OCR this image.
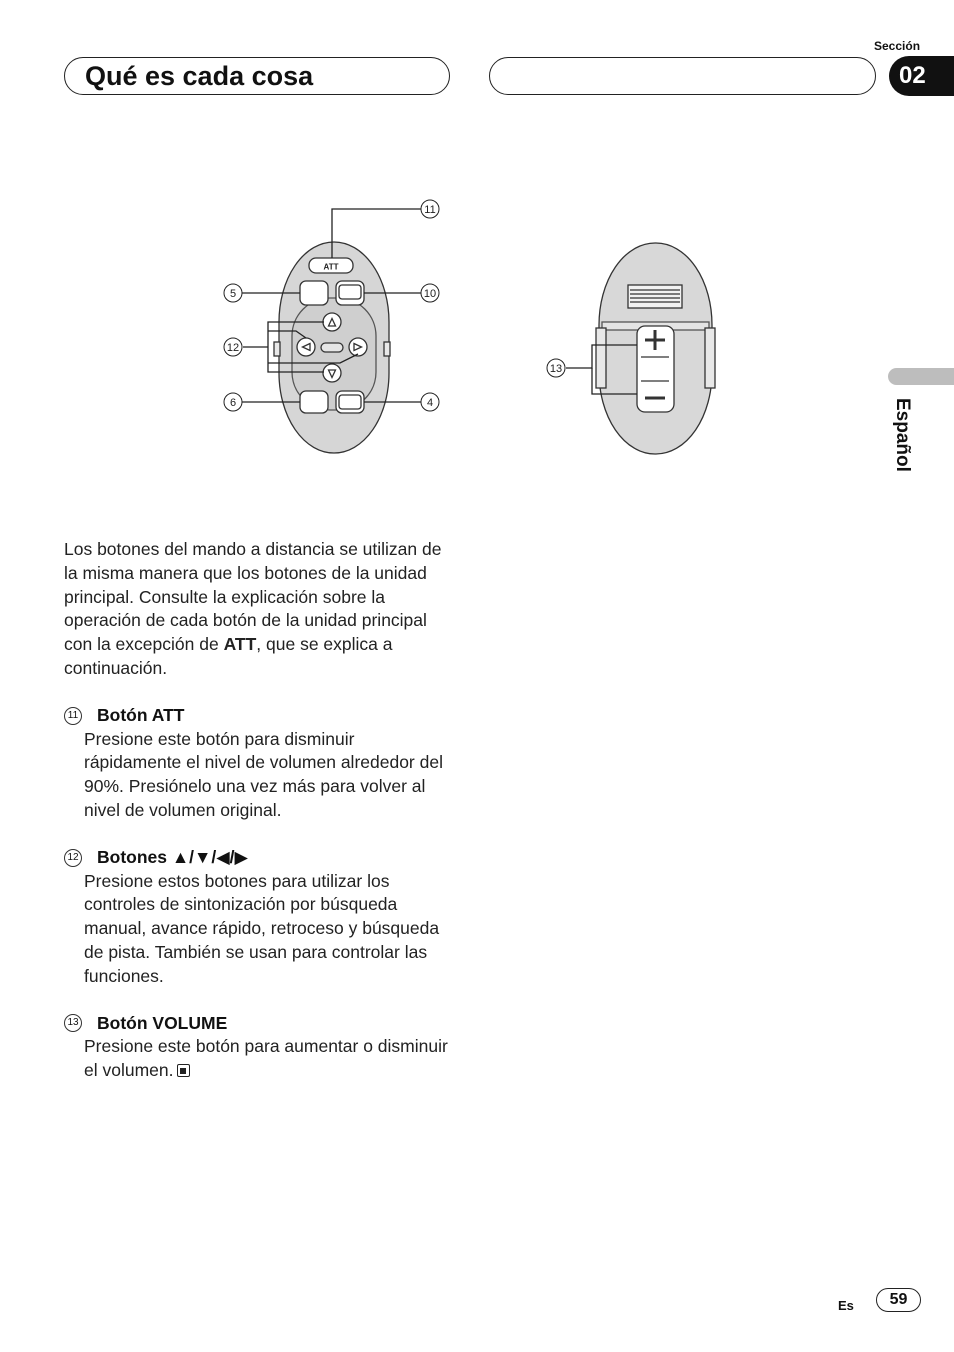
Qué es cada cosa
Sección
02
Español
ATT
11
5	10
12
6	4
13

Los botones del mando a distancia se utilizan de la misma manera que los botones de la unidad principal. Consulte la explicación sobre la operación de cada botón de la unidad principal con la excepción de ATT, que se explica a continuación.

11 Botón ATT
Presione este botón para disminuir rápidamente el nivel de volumen alrededor del 90%. Presiónelo una vez más para volver al nivel de volumen original.
12 Botones ▲/▼/◀/▶
Presione estos botones para utilizar los controles de sintonización por búsqueda manual, avance rápido, retroceso y búsqueda de pista. También se usan para controlar las funciones.
13 Botón VOLUME
Presione este botón para aumentar o disminuir el volumen.
Es	59
